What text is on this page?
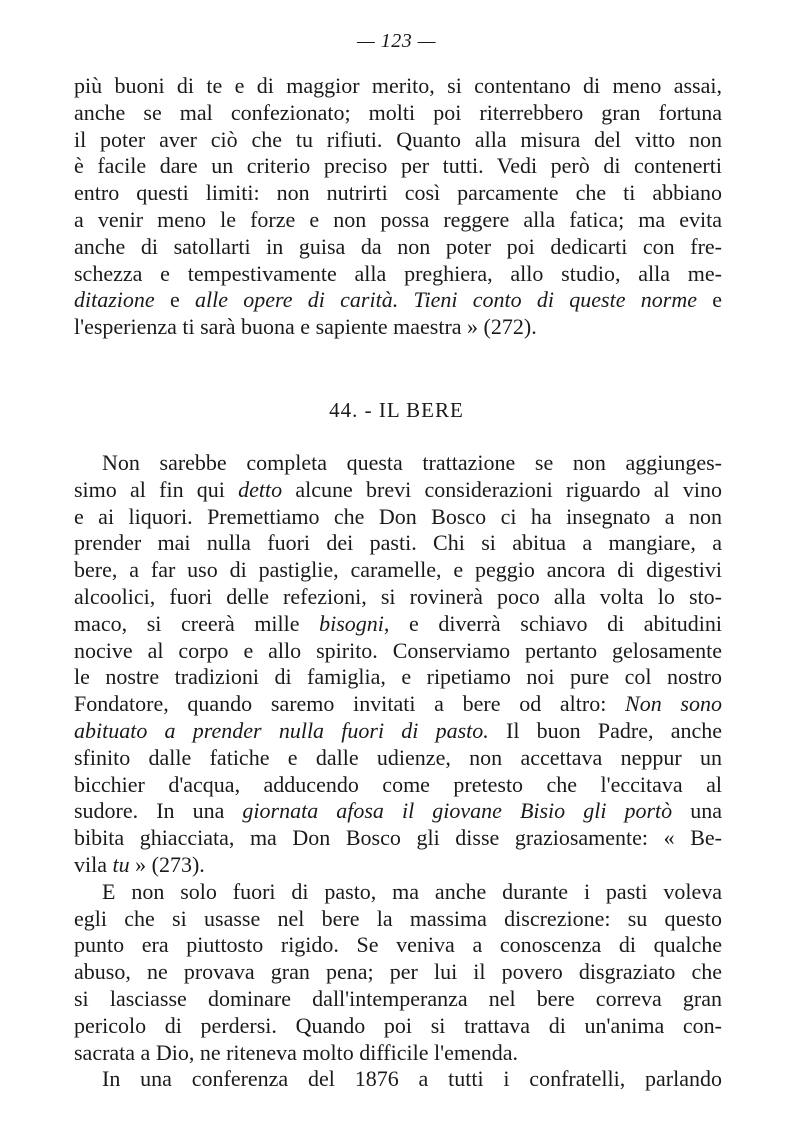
— 123 —
più buoni di te e di maggior merito, si contentano di meno assai,
anche se mal confezionato; molti poi riterrebbero gran fortuna
il poter aver ciò che tu rifiuti. Quanto alla misura del vitto non
è facile dare un criterio preciso per tutti. Vedi però di contenerti
entro questi limiti: non nutrirti così parcamente che ti abbiano
a venir meno le forze e non possa reggere alla fatica; ma evita
anche di satollarti in guisa da non poter poi dedicarti con fre-
schezza e tempestivamente alla preghiera, allo studio, alla me-
ditazione e alle opere di carità. Tieni conto di queste norme e
l'esperienza ti sarà buona e sapiente maestra » (272).
44. - IL BERE
Non sarebbe completa questa trattazione se non aggiunges-
simo al fin qui detto alcune brevi considerazioni riguardo al vino
e ai liquori. Premettiamo che Don Bosco ci ha insegnato a non
prender mai nulla fuori dei pasti. Chi si abitua a mangiare, a
bere, a far uso di pastiglie, caramelle, e peggio ancora di digestivi
alcoolici, fuori delle refezioni, si rovinerà poco alla volta lo sto-
maco, si creerà mille bisogni, e diverrà schiavo di abitudini
nocive al corpo e allo spirito. Conserviamo pertanto gelosamente
le nostre tradizioni di famiglia, e ripetiamo noi pure col nostro
Fondatore, quando saremo invitati a bere od altro: Non sono
abituato a prender nulla fuori di pasto. Il buon Padre, anche
sfinito dalle fatiche e dalle udienze, non accettava neppur un
bicchier d'acqua, adducendo come pretesto che l'eccitava al
sudore. In una giornata afosa il giovane Bisio gli portò una
bibita ghiacciata, ma Don Bosco gli disse graziosamente: « Be-
vila tu » (273).
E non solo fuori di pasto, ma anche durante i pasti voleva
egli che si usasse nel bere la massima discrezione: su questo
punto era piuttosto rigido. Se veniva a conoscenza di qualche
abuso, ne provava gran pena; per lui il povero disgraziato che
si lasciasse dominare dall'intemperanza nel bere correva gran
pericolo di perdersi. Quando poi si trattava di un'anima con-
sacrata a Dio, ne riteneva molto difficile l'emenda.
In una conferenza del 1876 a tutti i confratelli, parlando
